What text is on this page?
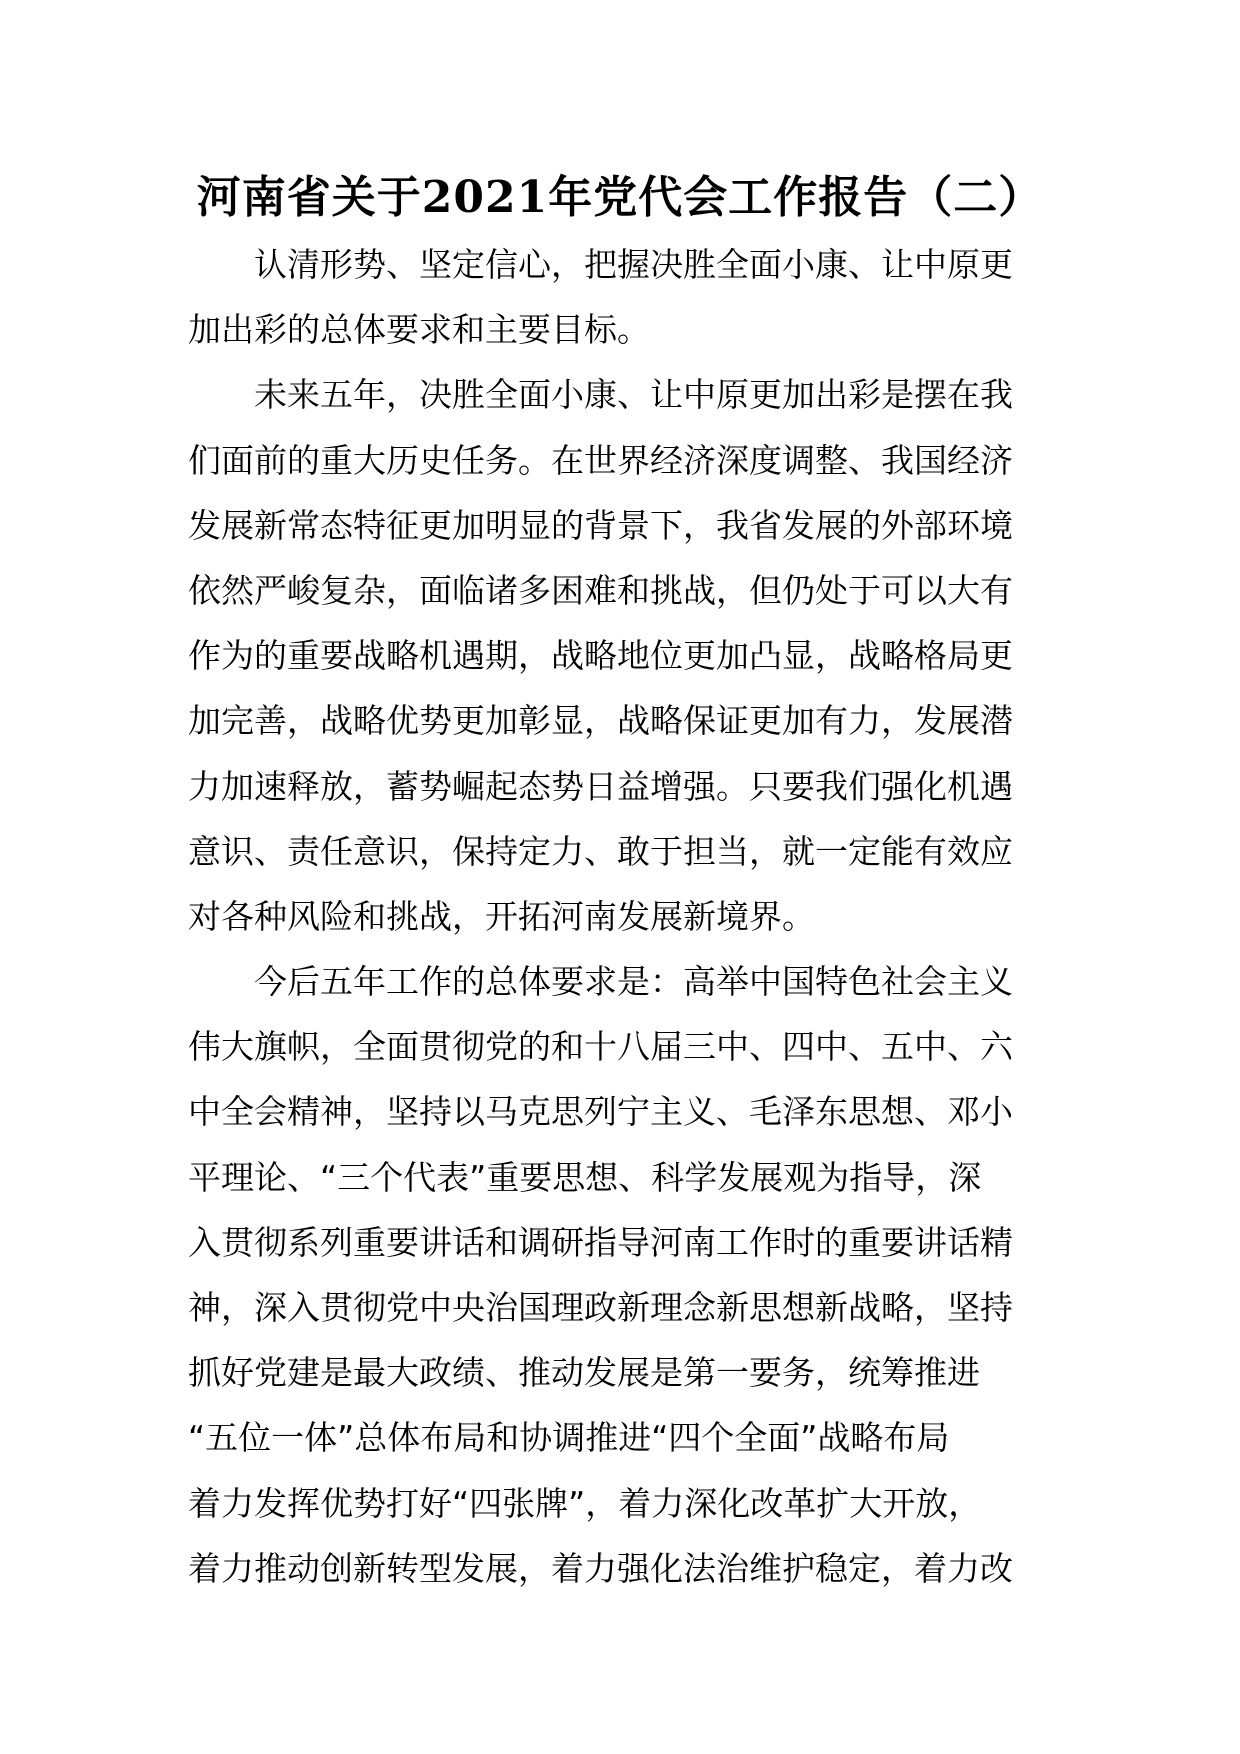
河南省关于2021年党代会工作报告（二）
认清形势、坚定信心，把握决胜全面小康、让中原更
加出彩的总体要求和主要目标。
未来五年，决胜全面小康、让中原更加出彩是摆在我
们面前的重大历史任务。在世界经济深度调整、我国经济
发展新常态特征更加明显的背景下，我省发展的外部环境
依然严峻复杂，面临诸多困难和挑战，但仍处于可以大有
作为的重要战略机遇期，战略地位更加凸显，战略格局更
加完善，战略优势更加彰显，战略保证更加有力，发展潜
力加速释放，蓄势崛起态势日益增强。只要我们强化机遇
意识、责任意识，保持定力、敢于担当，就一定能有效应
对各种风险和挑战，开拓河南发展新境界。
今后五年工作的总体要求是：高举中国特色社会主义
伟大旗帜，全面贯彻党的和十八届三中、四中、五中、六
中全会精神，坚持以马克思列宁主义、毛泽东思想、邓小
平理论、“三个代表”重要思想、科学发展观为指导，深
入贯彻系列重要讲话和调研指导河南工作时的重要讲话精
神，深入贯彻党中央治国理政新理念新思想新战略，坚持
抓好党建是最大政绩、推动发展是第一要务，统筹推进
“五位一体”总体布局和协调推进“四个全面”战略布局
着力发挥优势打好“四张牌”，着力深化改革扩大开放，
着力推动创新转型发展，着力强化法治维护稳定，着力改
